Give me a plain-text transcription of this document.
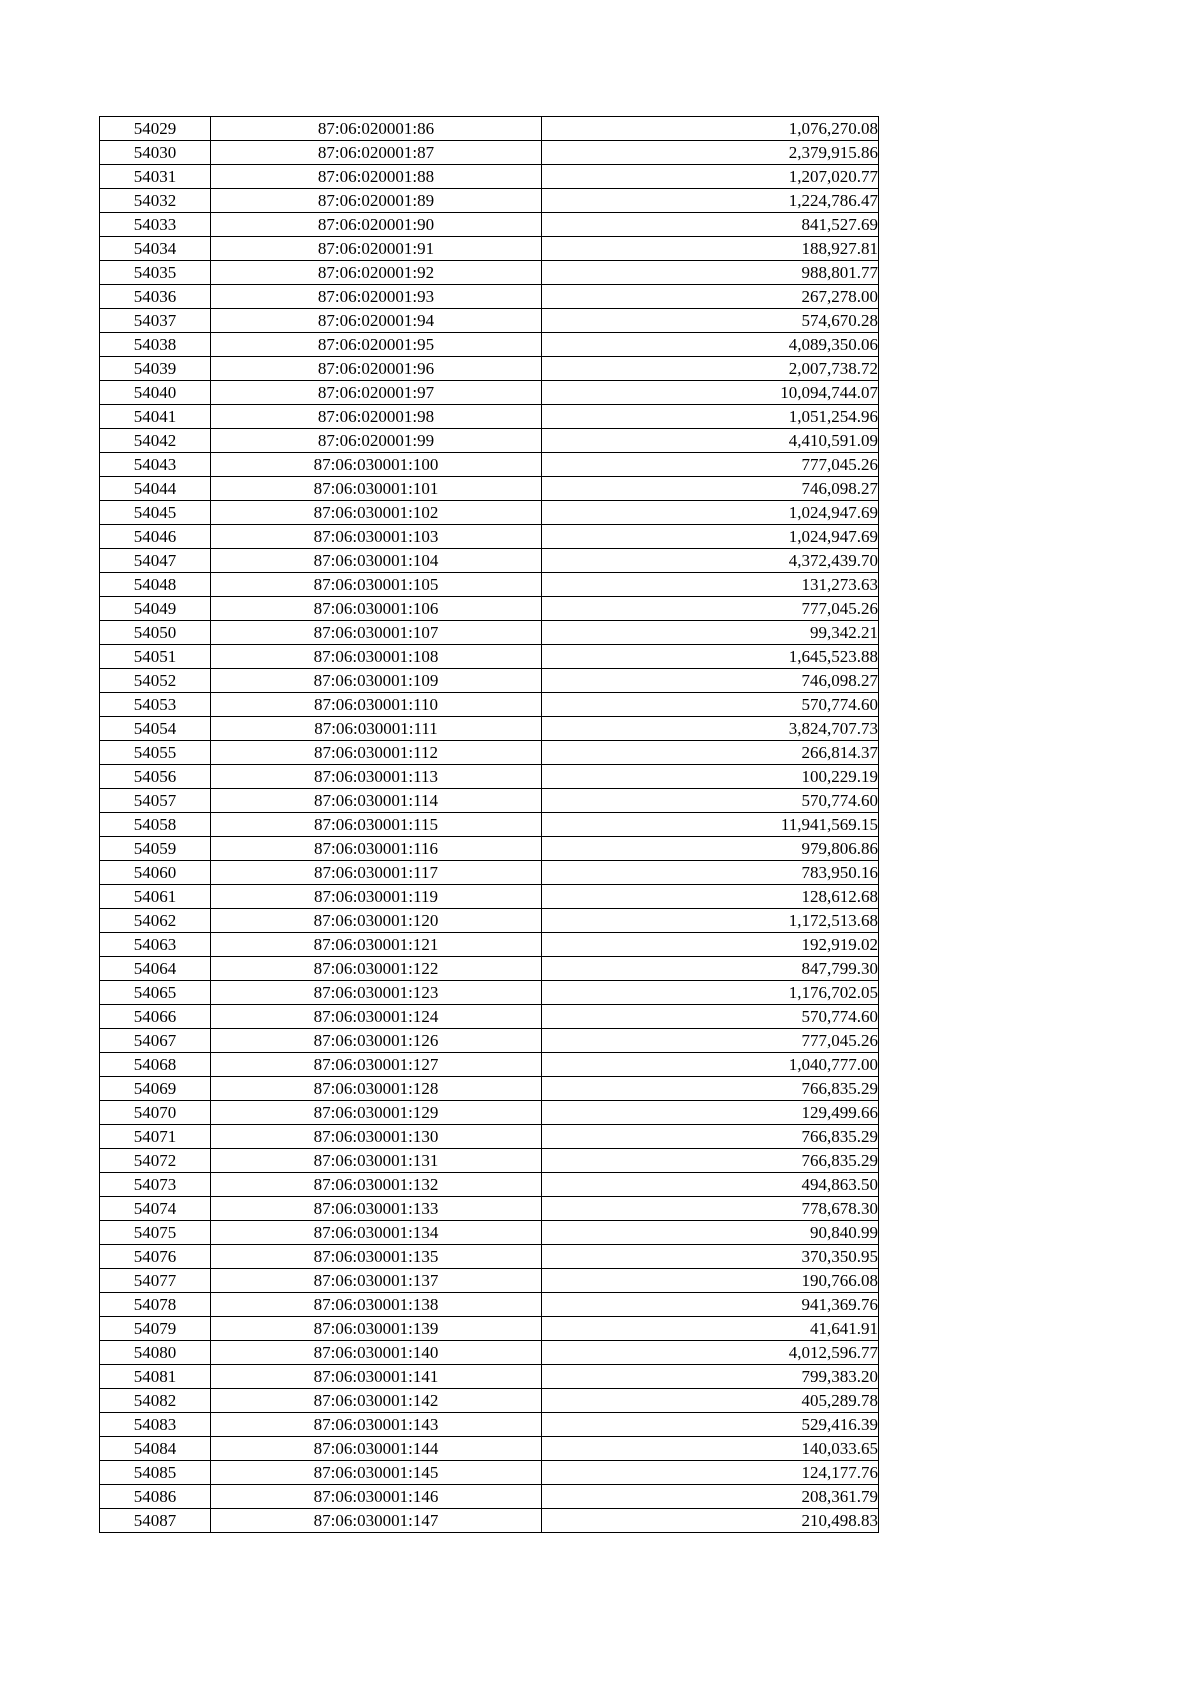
54029	87:06:020001:86	1,076,270.08
54030	87:06:020001:87	2,379,915.86
54031	87:06:020001:88	1,207,020.77
54032	87:06:020001:89	1,224,786.47
54033	87:06:020001:90	841,527.69
54034	87:06:020001:91	188,927.81
54035	87:06:020001:92	988,801.77
54036	87:06:020001:93	267,278.00
54037	87:06:020001:94	574,670.28
54038	87:06:020001:95	4,089,350.06
54039	87:06:020001:96	2,007,738.72
54040	87:06:020001:97	10,094,744.07
54041	87:06:020001:98	1,051,254.96
54042	87:06:020001:99	4,410,591.09
54043	87:06:030001:100	777,045.26
54044	87:06:030001:101	746,098.27
54045	87:06:030001:102	1,024,947.69
54046	87:06:030001:103	1,024,947.69
54047	87:06:030001:104	4,372,439.70
54048	87:06:030001:105	131,273.63
54049	87:06:030001:106	777,045.26
54050	87:06:030001:107	99,342.21
54051	87:06:030001:108	1,645,523.88
54052	87:06:030001:109	746,098.27
54053	87:06:030001:110	570,774.60
54054	87:06:030001:111	3,824,707.73
54055	87:06:030001:112	266,814.37
54056	87:06:030001:113	100,229.19
54057	87:06:030001:114	570,774.60
54058	87:06:030001:115	11,941,569.15
54059	87:06:030001:116	979,806.86
54060	87:06:030001:117	783,950.16
54061	87:06:030001:119	128,612.68
54062	87:06:030001:120	1,172,513.68
54063	87:06:030001:121	192,919.02
54064	87:06:030001:122	847,799.30
54065	87:06:030001:123	1,176,702.05
54066	87:06:030001:124	570,774.60
54067	87:06:030001:126	777,045.26
54068	87:06:030001:127	1,040,777.00
54069	87:06:030001:128	766,835.29
54070	87:06:030001:129	129,499.66
54071	87:06:030001:130	766,835.29
54072	87:06:030001:131	766,835.29
54073	87:06:030001:132	494,863.50
54074	87:06:030001:133	778,678.30
54075	87:06:030001:134	90,840.99
54076	87:06:030001:135	370,350.95
54077	87:06:030001:137	190,766.08
54078	87:06:030001:138	941,369.76
54079	87:06:030001:139	41,641.91
54080	87:06:030001:140	4,012,596.77
54081	87:06:030001:141	799,383.20
54082	87:06:030001:142	405,289.78
54083	87:06:030001:143	529,416.39
54084	87:06:030001:144	140,033.65
54085	87:06:030001:145	124,177.76
54086	87:06:030001:146	208,361.79
54087	87:06:030001:147	210,498.83
